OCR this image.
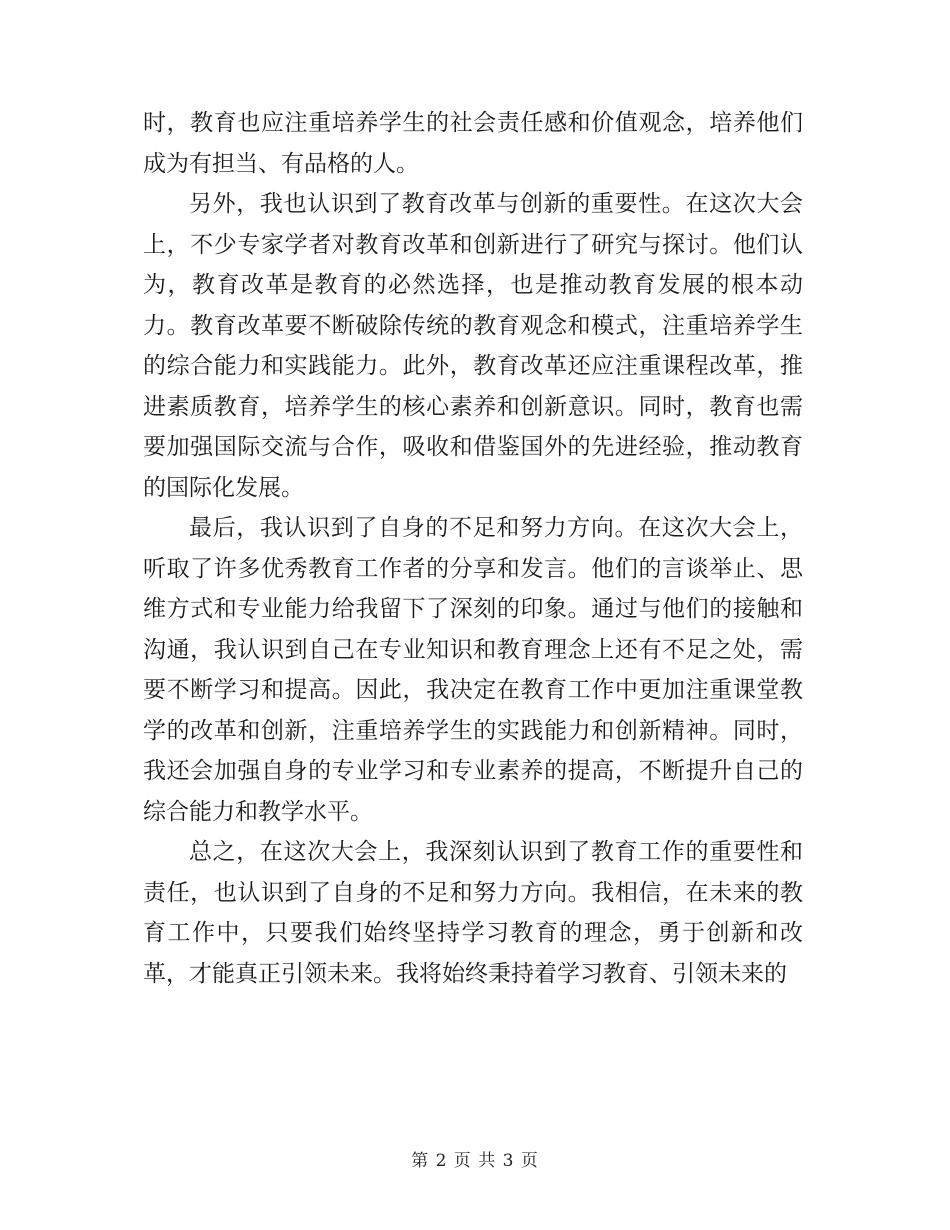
时，教育也应注重培养学生的社会责任感和价值观念，培养他们成为有担当、有品格的人。

另外，我也认识到了教育改革与创新的重要性。在这次大会上，不少专家学者对教育改革和创新进行了研究与探讨。他们认为，教育改革是教育的必然选择，也是推动教育发展的根本动力。教育改革要不断破除传统的教育观念和模式，注重培养学生的综合能力和实践能力。此外，教育改革还应注重课程改革，推进素质教育，培养学生的核心素养和创新意识。同时，教育也需要加强国际交流与合作，吸收和借鉴国外的先进经验，推动教育的国际化发展。

最后，我认识到了自身的不足和努力方向。在这次大会上，听取了许多优秀教育工作者的分享和发言。他们的言谈举止、思维方式和专业能力给我留下了深刻的印象。通过与他们的接触和沟通，我认识到自己在专业知识和教育理念上还有不足之处，需要不断学习和提高。因此，我决定在教育工作中更加注重课堂教学的改革和创新，注重培养学生的实践能力和创新精神。同时，我还会加强自身的专业学习和专业素养的提高，不断提升自己的综合能力和教学水平。

总之，在这次大会上，我深刻认识到了教育工作的重要性和责任，也认识到了自身的不足和努力方向。我相信，在未来的教育工作中，只要我们始终坚持学习教育的理念，勇于创新和改革，才能真正引领未来。我将始终秉持着学习教育、引领未来的

第 2 页 共 3 页
